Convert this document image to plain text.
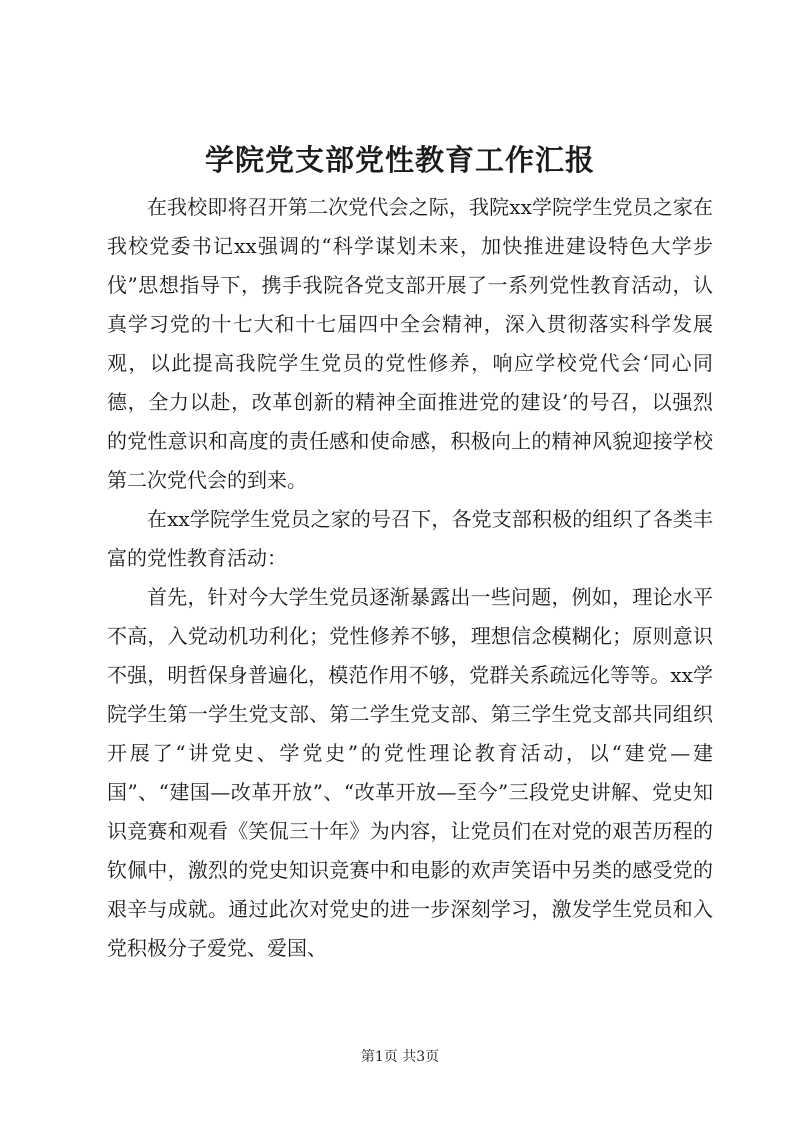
学院党支部党性教育工作汇报

在我校即将召开第二次党代会之际，我院xx学院学生党员之家在我校党委书记xx强调的“科学谋划未来，加快推进建设特色大学步伐”思想指导下，携手我院各党支部开展了一系列党性教育活动，认真学习党的十七大和十七届四中全会精神，深入贯彻落实科学发展观，以此提高我院学生党员的党性修养，响应学校党代会‘同心同德，全力以赴，改革创新的精神全面推进党的建设’的号召，以强烈的党性意识和高度的责任感和使命感，积极向上的精神风貌迎接学校第二次党代会的到来。

在xx学院学生党员之家的号召下，各党支部积极的组织了各类丰富的党性教育活动：

首先，针对今大学生党员逐渐暴露出一些问题，例如，理论水平不高，入党动机功利化；党性修养不够，理想信念模糊化；原则意识不强，明哲保身普遍化，模范作用不够，党群关系疏远化等等。xx学院学生第一学生党支部、第二学生党支部、第三学生党支部共同组织开展了“讲党史、学党史”的党性理论教育活动，以“建党—建国”、“建国—改革开放”、“改革开放—至今”三段党史讲解、党史知识竞赛和观看《笑侃三十年》为内容，让党员们在对党的艰苦历程的钦佩中，激烈的党史知识竞赛中和电影的欢声笑语中另类的感受党的艰辛与成就。通过此次对党史的进一步深刻学习，激发学生党员和入党积极分子爱党、爱国、

第1页 共3页
